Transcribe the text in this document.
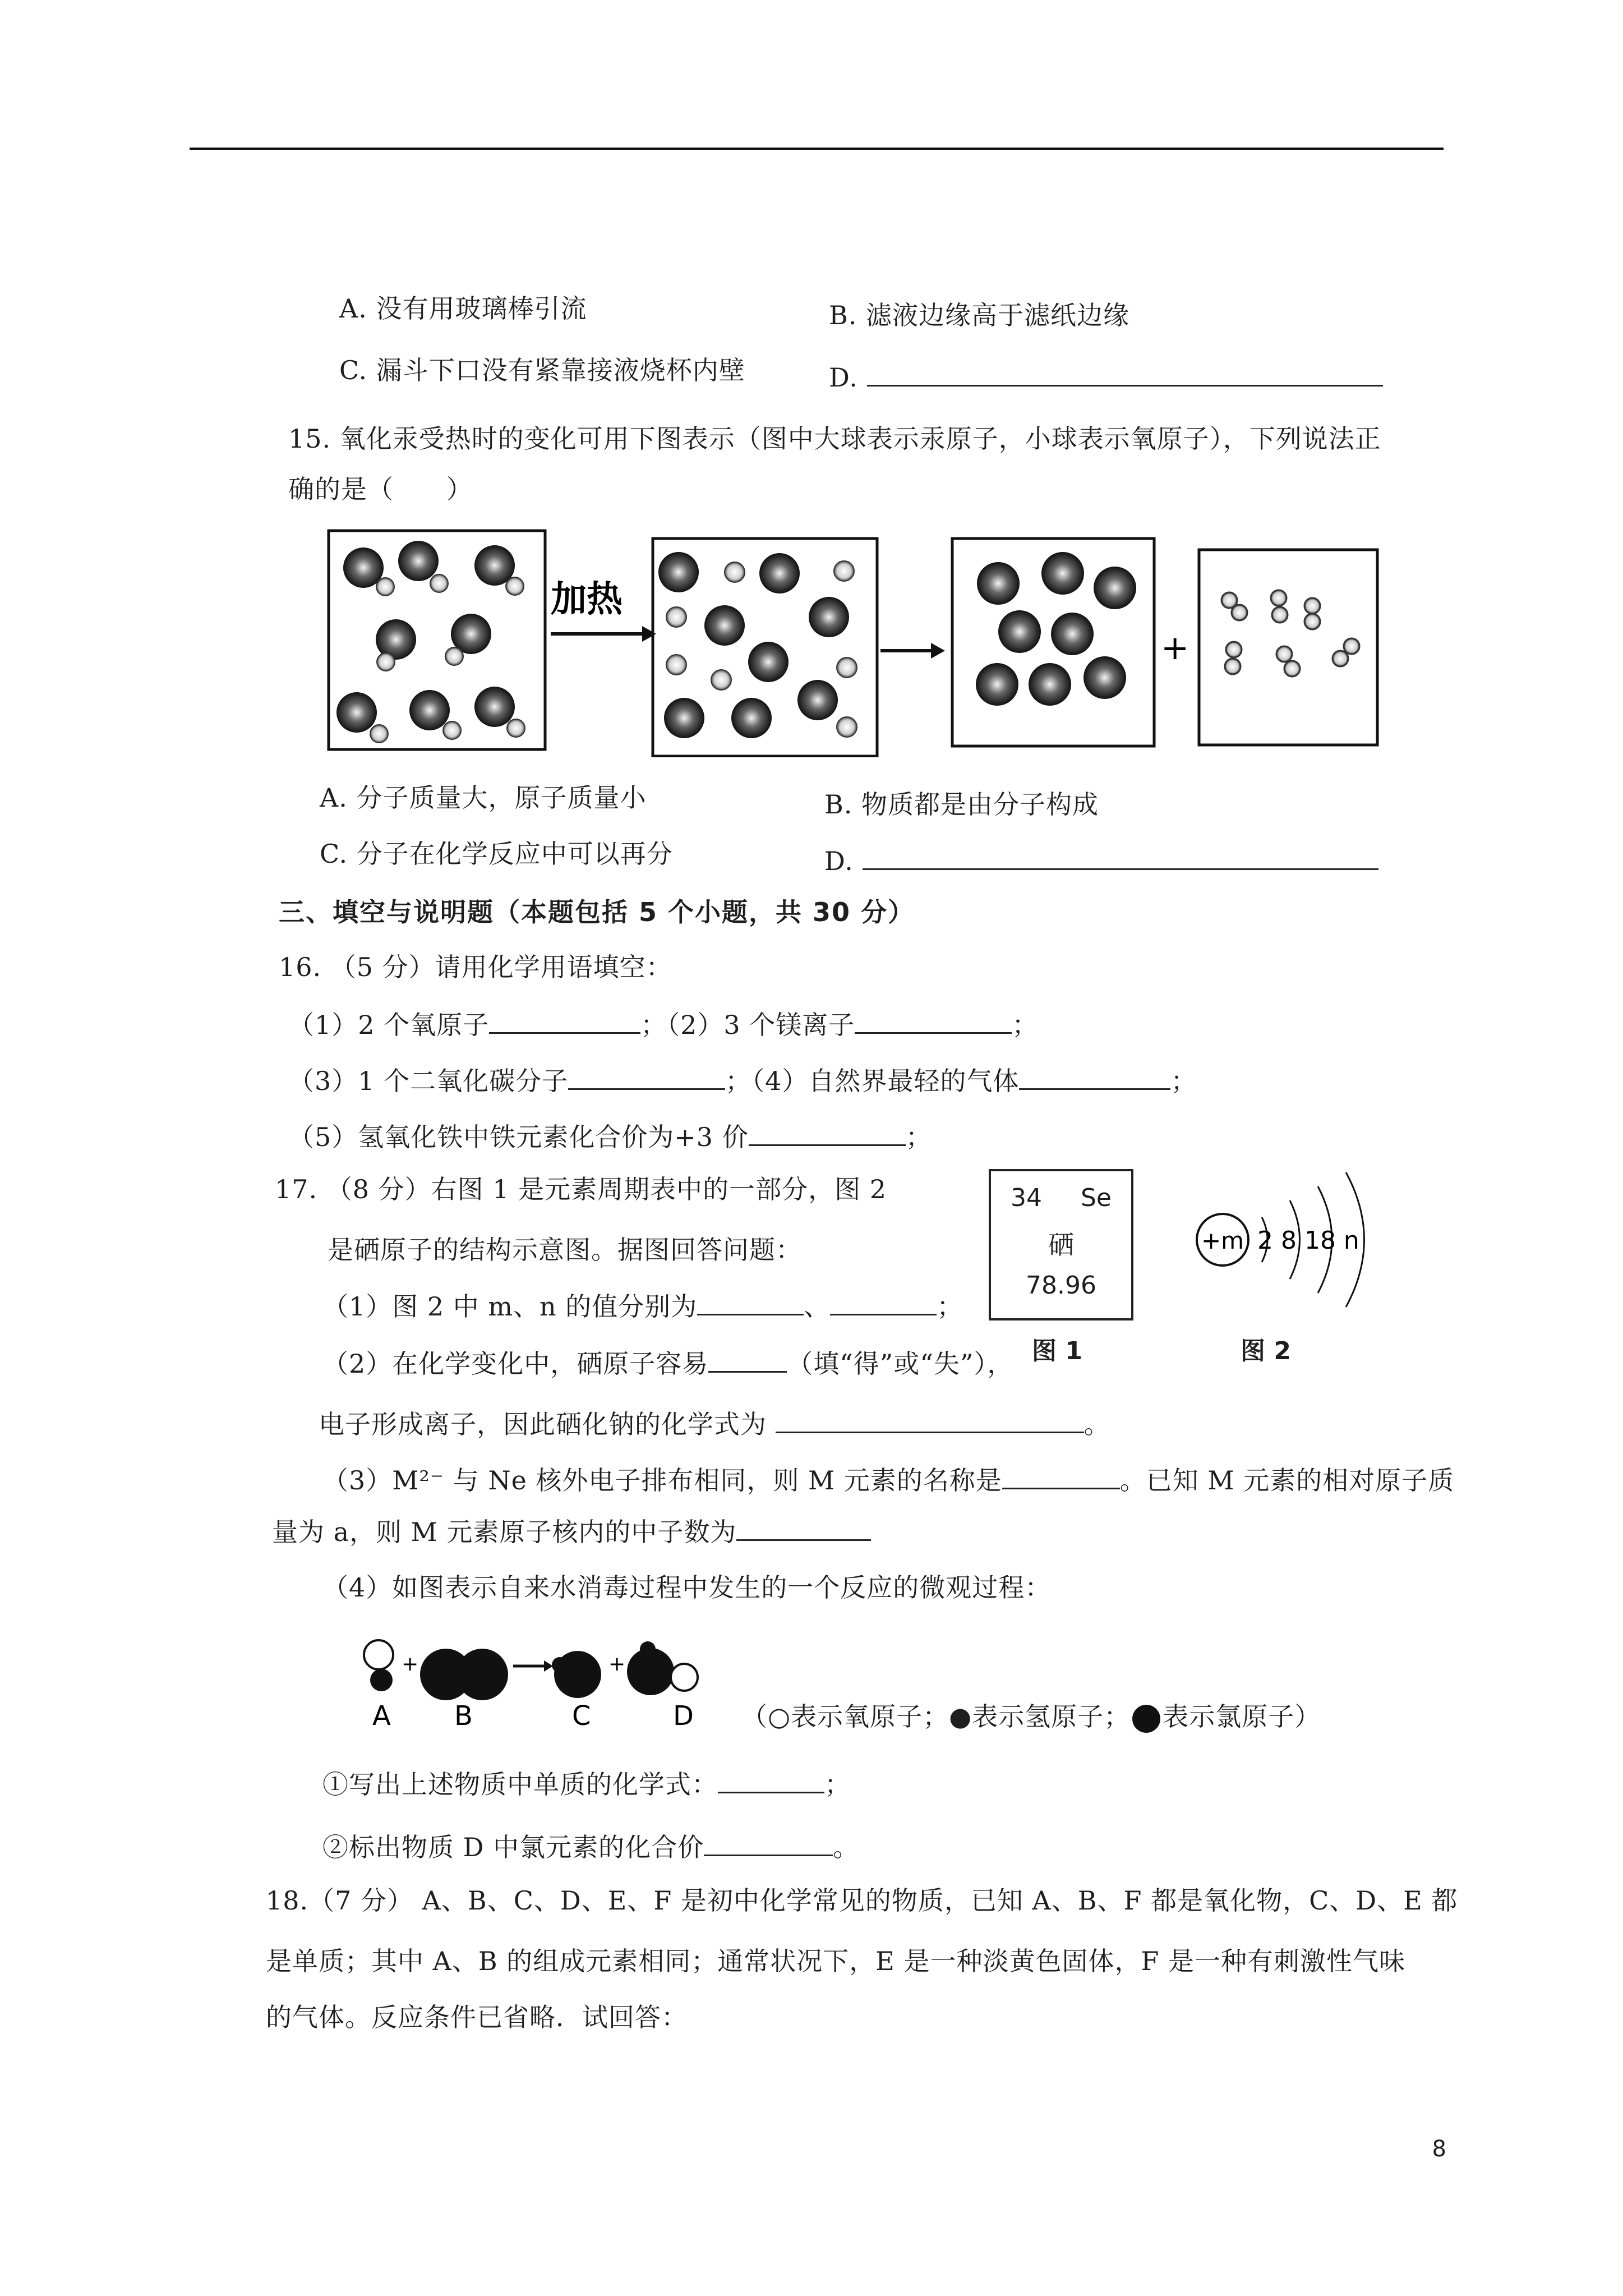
A. 没有用玻璃棒引流	B. 滤液边缘高于滤纸边缘
C. 漏斗下口没有紧靠接液烧杯内壁	D.
15. 氧化汞受热时的变化可用下图表示（图中大球表示汞原子，小球表示氧原子），下列说法正
确的是（　　）
加热
+
A. 分子质量大，原子质量小	B. 物质都是由分子构成
C. 分子在化学反应中可以再分	D.
三、填空与说明题（本题包括 5 个小题，共 30 分）
16. （5 分）请用化学用语填空：
（1）2 个氧原子	；（2）3 个镁离子	；
（3）1 个二氧化碳分子	；（4）自然界最轻的气体	；
（5）氢氧化铁中铁元素化合价为+3 价	；
17. （8 分）右图 1 是元素周期表中的一部分，图 2
是硒原子的结构示意图。据图回答问题：
34 Se
硒
78.96
图 1
+m 2 8 18 n
图 2
（1）图 2 中 m、n 的值分别为	、	；
（2）在化学变化中，硒原子容易	（填“得”或“失”），
电子形成离子，因此硒化钠的化学式为	。
（3）M²⁻ 与 Ne 核外电子排布相同，则 M 元素的名称是	。已知 M 元素的相对原子质
量为 a，则 M 元素原子核内的中子数为
（4）如图表示自来水消毒过程中发生的一个反应的微观过程：
A
+
B	C
+
D （○表示氧原子；●表示氢原子； 表示氯原子）
①写出上述物质中单质的化学式：	；
②标出物质 D 中氯元素的化合价	。
18.（7 分） A、B、C、D、E、F 是初中化学常见的物质，已知 A、B、F 都是氧化物，C、D、E 都
是单质；其中 A、B 的组成元素相同；通常状况下，E 是一种淡黄色固体，F 是一种有刺激性气味
的气体。反应条件已省略．试回答：
8
